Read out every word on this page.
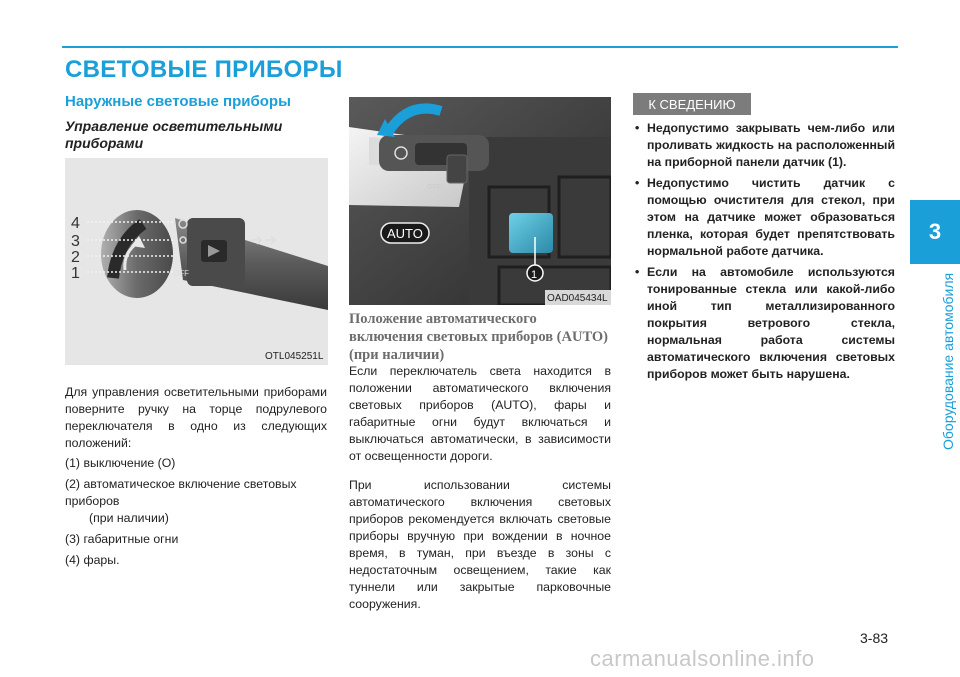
3
Оборудование автомобиля
СВЕТОВЫЕ ПРИБОРЫ
Наружные световые приборы
Управление осветительными приборами
4
3
2
1	OFF
OTL045251L

Для управления осветительными приборами поверните ручку на торце подрулевого переключателя в одно из следующих положений:

(1) выключение (O)
(2) автоматическое включение световых приборов
(при наличии)
(3) габаритные огни
(4) фары.
OFF
AUTO
1
OAD045434L
Положение автоматического включения световых приборов (AUTO) (при наличии)

Если переключатель света находится в положении автоматического включения световых приборов (AUTO), фары и габаритные огни будут включаться и выключаться автоматически, в зависимости от освещенности дороги.

При использовании системы автоматического включения световых приборов рекомендуется включать световые приборы вручную при вождении в ночное время, в туман, при въезде в зоны с недостаточным освещением, такие как туннели или закрытые парковочные сооружения.

К СВЕДЕНИЮ
• Недопустимо закрывать чем-либо или проливать жидкость на расположенный на приборной панели датчик (1).
• Недопустимо чистить датчик с помощью очистителя для стекол, при этом на датчике может образоваться пленка, которая будет препятствовать нормальной работе датчика.
• Если на автомобиле используются тонированные стекла или какой-либо иной тип металлизированного покрытия ветрового стекла, нормальная работа системы автоматического включения световых приборов может быть нарушена.
3-83
carmanualsonline.info
